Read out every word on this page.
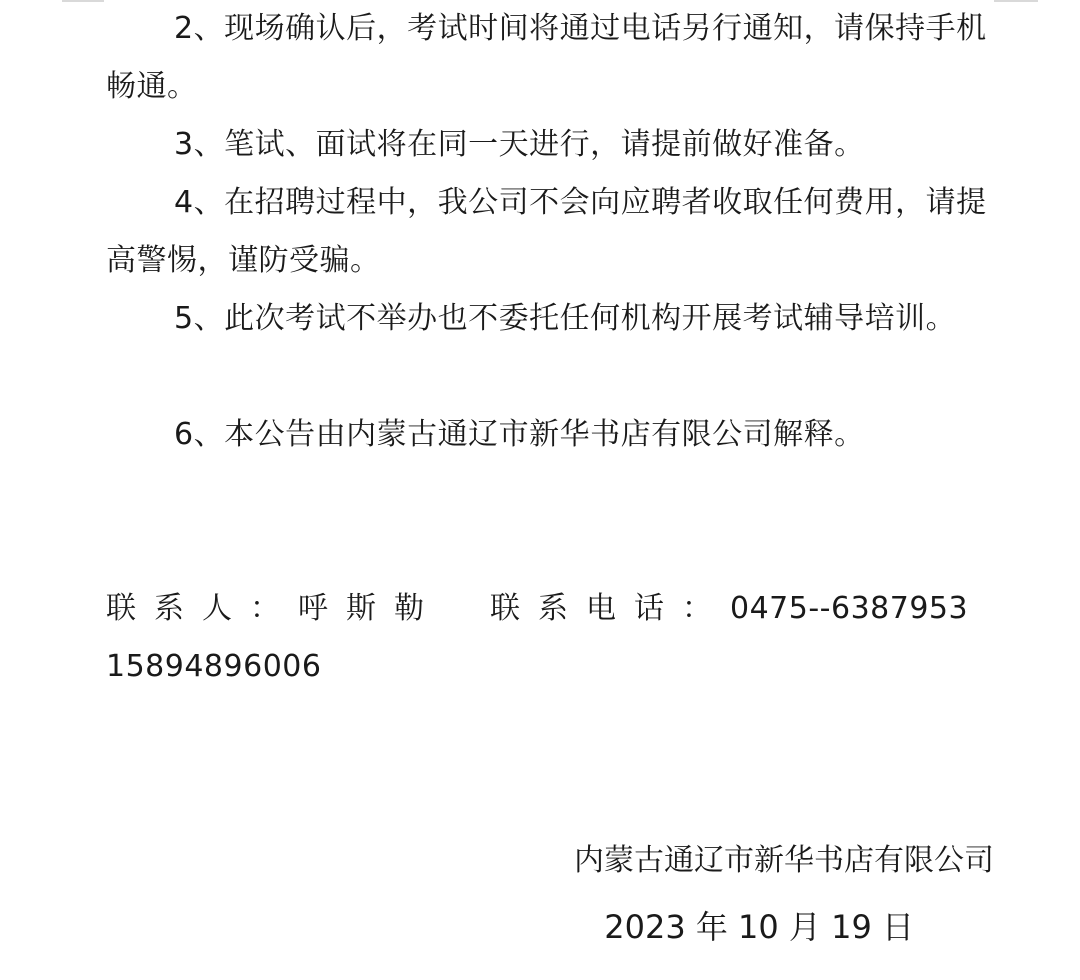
2、现场确认后，考试时间将通过电话另行通知，请保持手机畅通。

3、笔试、面试将在同一天进行，请提前做好准备。

4、在招聘过程中，我公司不会向应聘者收取任何费用，请提高警惕，谨防受骗。

5、此次考试不举办也不委托任何机构开展考试辅导培训。

6、本公告由内蒙古通辽市新华书店有限公司解释。

联系人：呼斯勒 联系电话：0475--6387953
15894896006

内蒙古通辽市新华书店有限公司

2023 年 10 月 19 日
